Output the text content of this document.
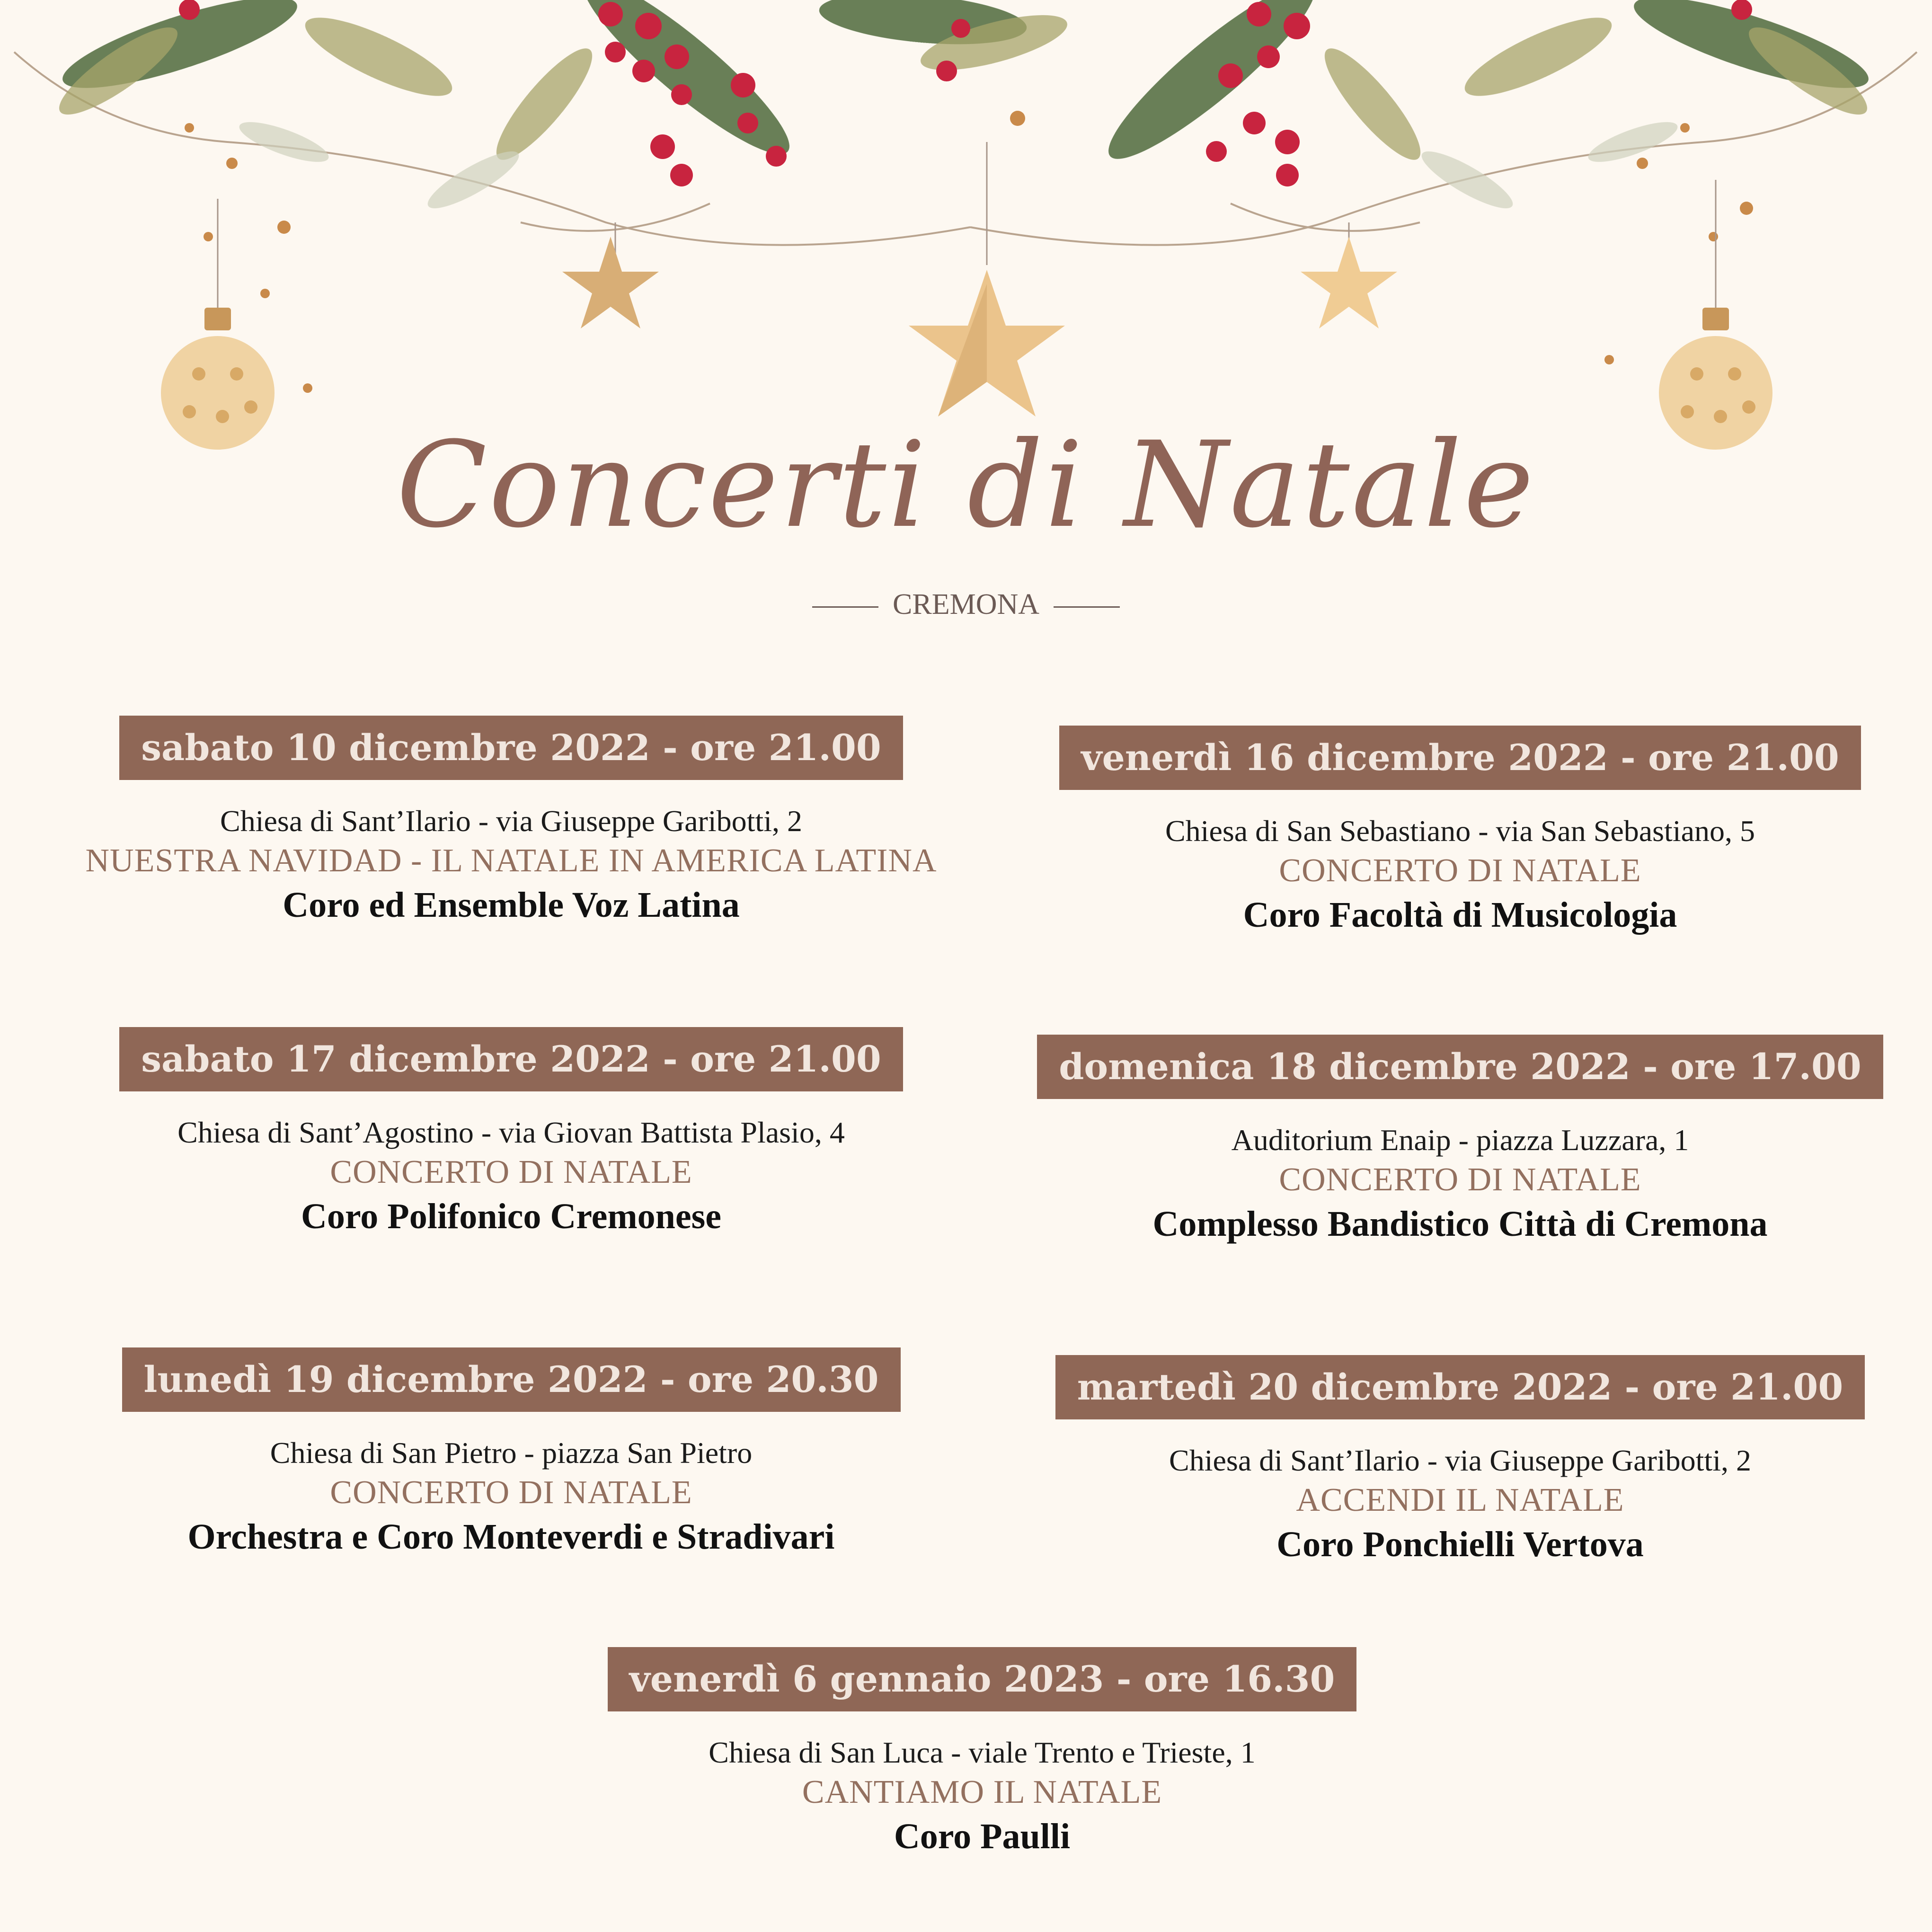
Concerti di Natale
CREMONA
sabato 10 dicembre 2022 - ore 21.00
Chiesa di Sant’Ilario - via Giuseppe Garibotti, 2
NUESTRA NAVIDAD - IL NATALE IN AMERICA LATINA
Coro ed Ensemble Voz Latina
venerdì 16 dicembre 2022 - ore 21.00
Chiesa di San Sebastiano - via San Sebastiano, 5
CONCERTO DI NATALE
Coro Facoltà di Musicologia
sabato 17 dicembre 2022 - ore 21.00
Chiesa di Sant’Agostino - via Giovan Battista Plasio, 4
CONCERTO DI NATALE
Coro Polifonico Cremonese
domenica 18 dicembre 2022 - ore 17.00
Auditorium Enaip - piazza Luzzara, 1
CONCERTO DI NATALE
Complesso Bandistico Città di Cremona
lunedì 19 dicembre 2022 - ore 20.30
Chiesa di San Pietro - piazza San Pietro
CONCERTO DI NATALE
Orchestra e Coro Monteverdi e Stradivari
martedì 20 dicembre 2022 - ore 21.00
Chiesa di Sant’Ilario - via Giuseppe Garibotti, 2
ACCENDI IL NATALE
Coro Ponchielli Vertova
venerdì 6 gennaio 2023 - ore 16.30
Chiesa di San Luca - viale Trento e Trieste, 1
CANTIAMO IL NATALE
Coro Paulli
